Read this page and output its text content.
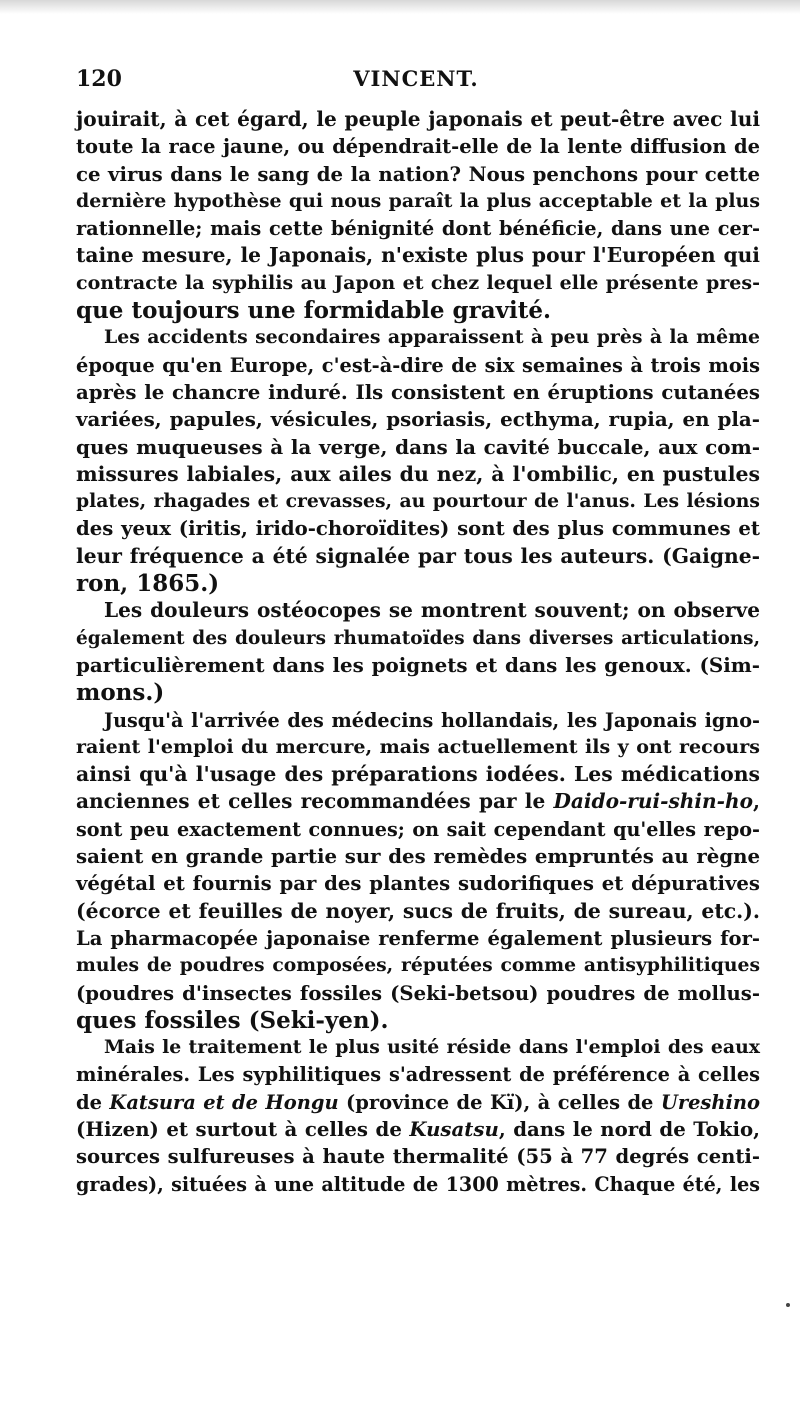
120	VINCENT.
jouirait, à cet égard, le peuple japonais et peut-être avec lui
toute la race jaune, ou dépendrait-elle de la lente diffusion de
ce virus dans le sang de la nation? Nous penchons pour cette
dernière hypothèse qui nous paraît la plus acceptable et la plus
rationnelle; mais cette bénignité dont bénéficie, dans une cer-
taine mesure, le Japonais, n'existe plus pour l'Européen qui
contracte la syphilis au Japon et chez lequel elle présente pres-
que toujours une formidable gravité.
Les accidents secondaires apparaissent à peu près à la même
époque qu'en Europe, c'est-à-dire de six semaines à trois mois
après le chancre induré. Ils consistent en éruptions cutanées
variées, papules, vésicules, psoriasis, ecthyma, rupia, en pla-
ques muqueuses à la verge, dans la cavité buccale, aux com-
missures labiales, aux ailes du nez, à l'ombilic, en pustules
plates, rhagades et crevasses, au pourtour de l'anus. Les lésions
des yeux (iritis, irido-choroïdites) sont des plus communes et
leur fréquence a été signalée par tous les auteurs. (Gaigne-
ron, 1865.)
Les douleurs ostéocopes se montrent souvent; on observe
également des douleurs rhumatoïdes dans diverses articulations,
particulièrement dans les poignets et dans les genoux. (Sim-
mons.)
Jusqu'à l'arrivée des médecins hollandais, les Japonais igno-
raient l'emploi du mercure, mais actuellement ils y ont recours
ainsi qu'à l'usage des préparations iodées. Les médications
anciennes et celles recommandées par le Daido-rui-shin-ho,
sont peu exactement connues; on sait cependant qu'elles repo-
saient en grande partie sur des remèdes empruntés au règne
végétal et fournis par des plantes sudorifiques et dépuratives
(écorce et feuilles de noyer, sucs de fruits, de sureau, etc.).
La pharmacopée japonaise renferme également plusieurs for-
mules de poudres composées, réputées comme antisyphilitiques
(poudres d'insectes fossiles (Seki-betsou) poudres de mollus-
ques fossiles (Seki-yen).
Mais le traitement le plus usité réside dans l'emploi des eaux
minérales. Les syphilitiques s'adressent de préférence à celles
de Katsura et de Hongu (province de Kï), à celles de Ureshino
(Hizen) et surtout à celles de Kusatsu, dans le nord de Tokio,
sources sulfureuses à haute thermalité (55 à 77 degrés centi-
grades), situées à une altitude de 1300 mètres. Chaque été, les
